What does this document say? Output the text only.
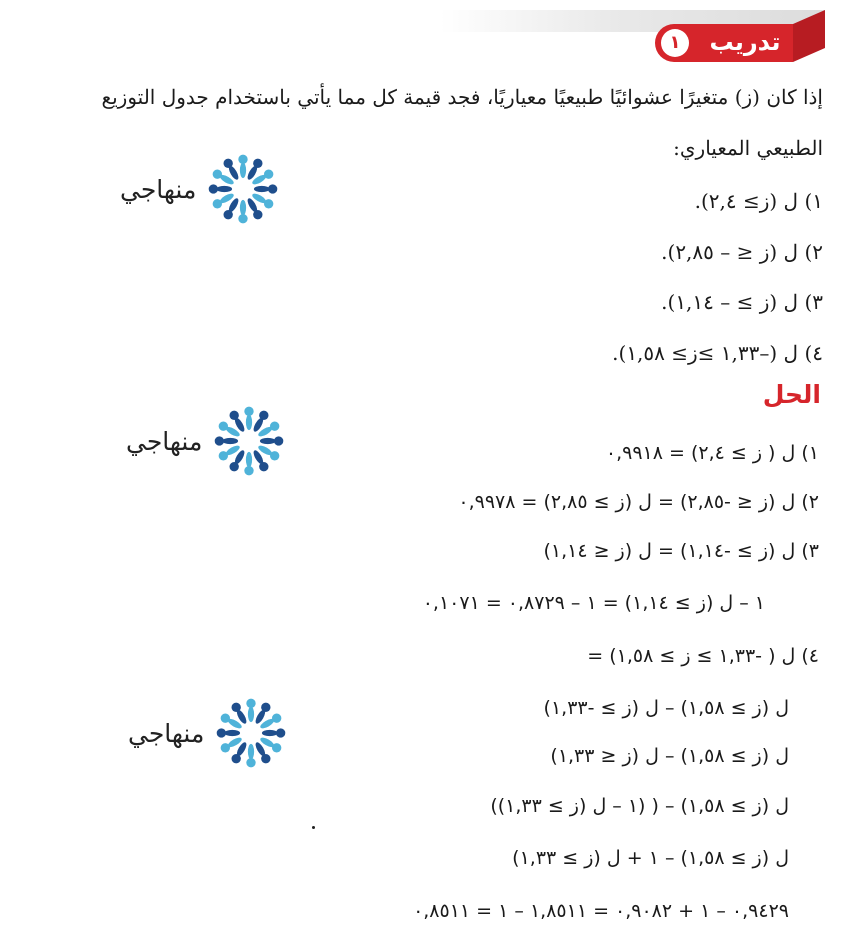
تدريب
١
إذا كان (ز) متغيرًا عشوائيًا طبيعيًا معياريًا، فجد قيمة كل مما يأتي باستخدام جدول التوزيع
الطبيعي المعياري:
١) ل (ز≥ ٢,٤).
٢) ل (ز ≤ – ٢,٨٥).
٣) ل (ز ≥ – ١,١٤).
٤) ل (–١,٣٣ ≥ز≥ ١,٥٨).
الحل
١) ل ( ز ≥ ٢,٤) = ٠,٩٩١٨
٢) ل (ز ≤ -٢,٨٥) = ل (ز ≥ ٢,٨٥) = ٠,٩٩٧٨
٣) ل (ز ≥ -١,١٤) = ل (ز ≤ ١,١٤)
١ – ل (ز ≥ ١,١٤) = ١ – ٠,٨٧٢٩ = ٠,١٠٧١
٤) ل ( -١,٣٣ ≥ ز ≥ ١,٥٨) =
ل (ز ≥ ١,٥٨) – ل (ز ≥ -١,٣٣)
ل (ز ≥ ١,٥٨) – ل (ز ≤ ١,٣٣)
ل (ز ≥ ١,٥٨) – ( (١ – ل (ز ≥ ١,٣٣))
ل (ز ≥ ١,٥٨) – ١ + ل (ز ≥ ١,٣٣)
٠,٩٤٢٩ – ١ + ٠,٩٠٨٢ = ١,٨٥١١ – ١ = ٠,٨٥١١
منهاجي
منهاجي
منهاجي
